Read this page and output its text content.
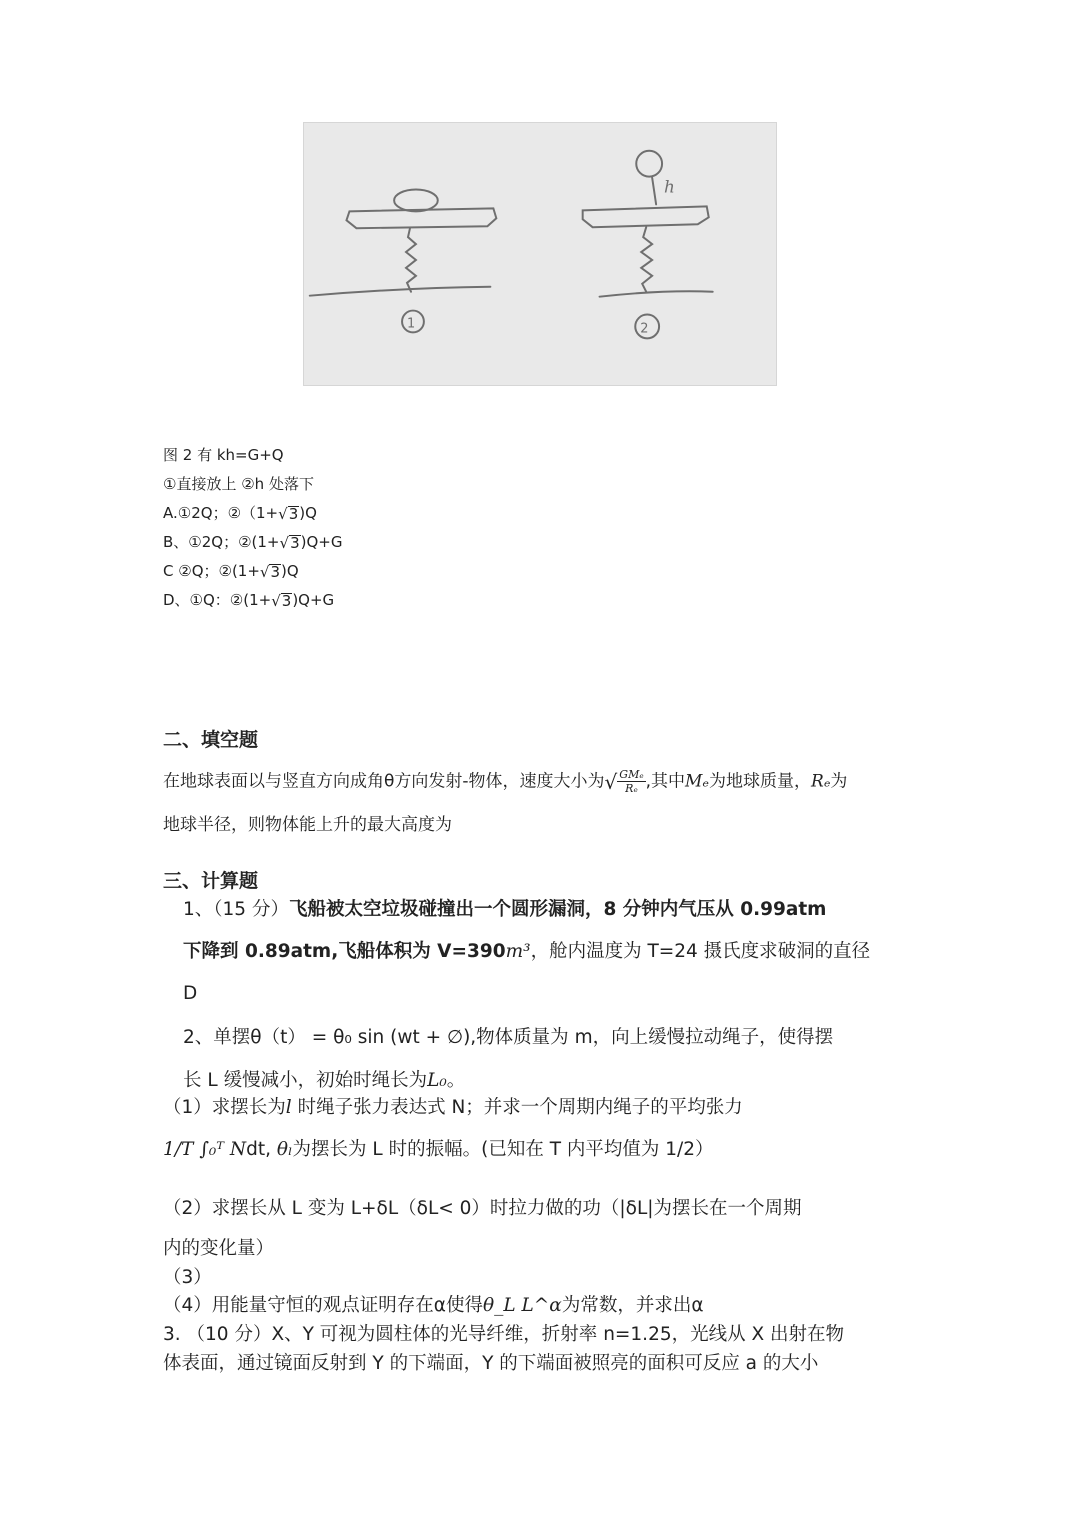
h
1	2
图 2 有 kh=G+Q
①直接放上 ②h 处落下
A.①2Q；②（1+√3)Q
B、①2Q；②(1+√3)Q+G
C ②Q；②(1+√3)Q
D、①Q：②(1+√3)Q+G
二、填空题
在地球表面以与竖直方向成角θ方向发射-物体，速度大小为√ $\frac{\text{GMₑ}}{\text{Rₑ}}$ ,其中Mₑ为地球质量，Rₑ为
地球半径，则物体能上升的最大高度为
三、计算题
1、（15 分）飞船被太空垃圾碰撞出一个圆形漏洞，8 分钟内气压从 0.99atm
下降到 0.89atm,飞船体积为 V=390m³，舱内温度为 T=24 摄氏度求破洞的直径
D
2、单摆θ（t） = θ₀ sin (wt + ∅),物体质量为 m，向上缓慢拉动绳子，使得摆
长 L 缓慢减小，初始时绳长为L₀。
（1）求摆长为l 时绳子张力表达式 N；并求一个周期内绳子的平均张力
1/T ∫₀ᵀ Ndt, θₗ为摆长为 L 时的振幅。(已知在 T 内平均值为 1/2）
（2）求摆长从 L 变为 L+δL（δL< 0）时拉力做的功（|δL|为摆长在一个周期
内的变化量）
（3）
（4）用能量守恒的观点证明存在α使得θ_L L^α为常数，并求出α
3. （10 分）X、Y 可视为圆柱体的光导纤维，折射率 n=1.25，光线从 X 出射在物
体表面，通过镜面反射到 Y 的下端面，Y 的下端面被照亮的面积可反应 a 的大小
